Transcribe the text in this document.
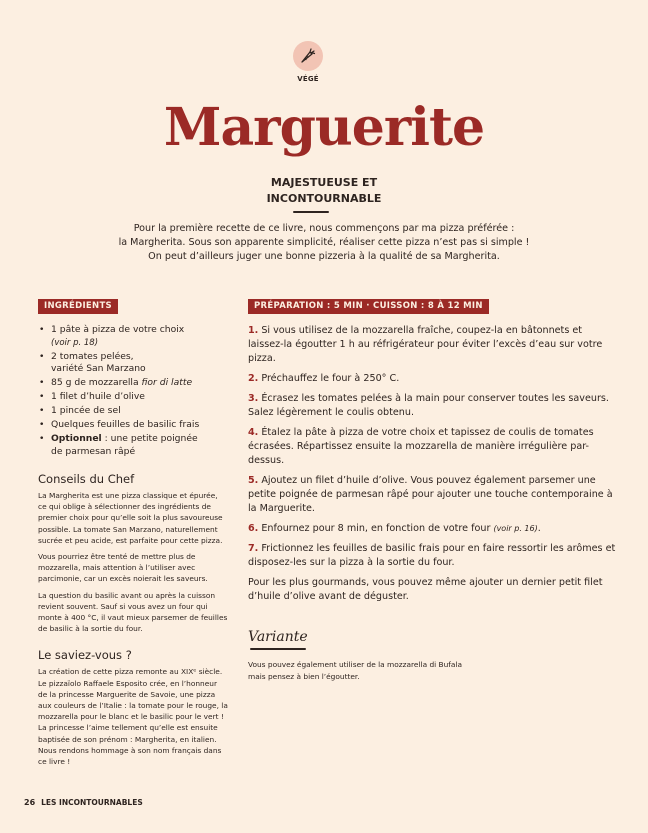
VÉGÉ
Marguerite
MAJESTUEUSE ET
INCONTOURNABLE
Pour la première recette de ce livre, nous commençons par ma pizza préférée :
la Margherita. Sous son apparente simplicité, réaliser cette pizza n’est pas si simple !
On peut d’ailleurs juger une bonne pizzeria à la qualité de sa Margherita.
INGRÉDIENTS
• 1 pâte à pizza de votre choix
(voir p. 18)
• 2 tomates pelées,
variété San Marzano
• 85 g de mozzarella fior di latte
• 1 filet d’huile d’olive
• 1 pincée de sel
• Quelques feuilles de basilic frais
• Optionnel : une petite poignée
de parmesan râpé
Conseils du Chef

La Margherita est une pizza classique et épurée, ce qui oblige à sélectionner des ingrédients de premier choix pour qu’elle soit la plus savoureuse possible. La tomate San Marzano, naturellement sucrée et peu acide, est parfaite pour cette pizza.

Vous pourriez être tenté de mettre plus de mozzarella, mais attention à l’utiliser avec parcimonie, car un excès noierait les saveurs.

La question du basilic avant ou après la cuisson revient souvent. Sauf si vous avez un four qui monte à 400 °C, il vaut mieux parsemer de feuilles de basilic à la sortie du four.

Le saviez-vous ?

La création de cette pizza remonte au XIXᵉ siècle. Le pizzaïolo Raffaele Esposito crée, en l’honneur de la princesse Marguerite de Savoie, une pizza aux couleurs de l’Italie : la tomate pour le rouge, la mozzarella pour le blanc et le basilic pour le vert ! La princesse l’aime tellement qu’elle est ensuite baptisée de son prénom : Margherita, en italien. Nous rendons hommage à son nom français dans ce livre !

PRÉPARATION : 5 MIN · CUISSON : 8 À 12 MIN

1. Si vous utilisez de la mozzarella fraîche, coupez-la en bâtonnets et laissez-la égoutter 1 h au réfrigérateur pour éviter l’excès d’eau sur votre pizza.

2. Préchauffez le four à 250° C.

3. Écrasez les tomates pelées à la main pour conserver toutes les saveurs. Salez légèrement le coulis obtenu.

4. Étalez la pâte à pizza de votre choix et tapissez de coulis de tomates écrasées. Répartissez ensuite la mozzarella de manière irrégulière par-dessus.

5. Ajoutez un filet d’huile d’olive. Vous pouvez également parsemer une petite poignée de parmesan râpé pour ajouter une touche contemporaine à la Marguerite.

6. Enfournez pour 8 min, en fonction de votre four (voir p. 16).

7. Frictionnez les feuilles de basilic frais pour en faire ressortir les arômes et disposez-les sur la pizza à la sortie du four.

Pour les plus gourmands, vous pouvez même ajouter un dernier petit filet d’huile d’olive avant de déguster.

Variante
Vous pouvez également utiliser de la mozzarella di Bufala
mais pensez à bien l’égoutter.
26 LES INCONTOURNABLES
